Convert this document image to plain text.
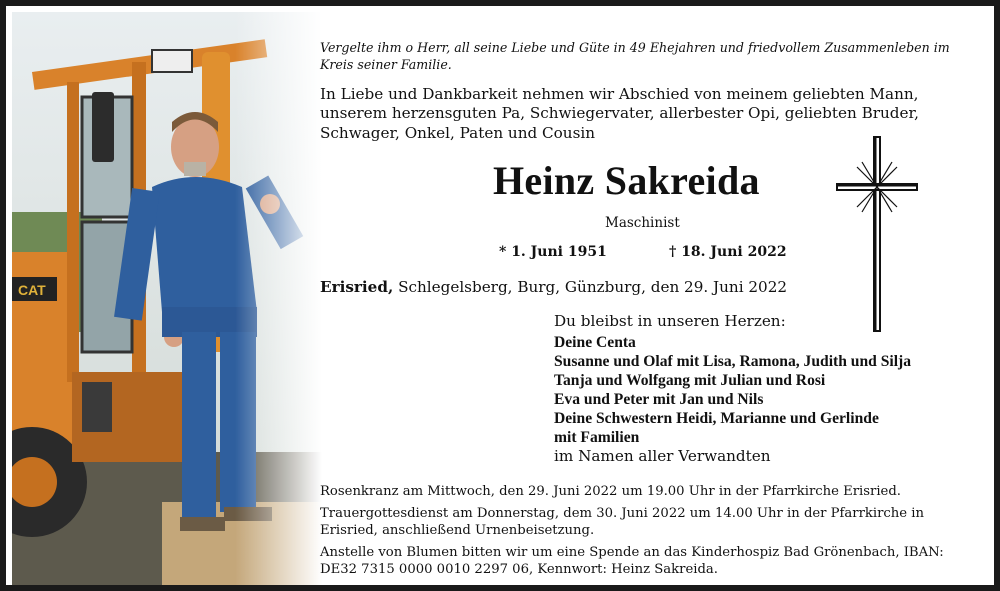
Vergelte ihm o Herr, all seine Liebe und Güte in 49 Ehejahren und friedvollem Zusammenleben im Kreis seiner Familie.
In Liebe und Dankbarkeit nehmen wir Abschied von meinem geliebten Mann, unserem herzensguten Pa, Schwiegervater, allerbester Opi, geliebten Bruder, Schwager, Onkel, Paten und Cousin
Heinz Sakreida
Maschinist
* 1. Juni 1951	† 18. Juni 2022
Erisried, Schlegelsberg, Burg, Günzburg, den 29. Juni 2022
Du bleibst in unseren Herzen:
Deine Centa
Susanne und Olaf mit Lisa, Ramona, Judith und Silja
Tanja und Wolfgang mit Julian und Rosi
Eva und Peter mit Jan und Nils
Deine Schwestern Heidi, Marianne und Gerlinde
mit Familien
im Namen aller Verwandten

Rosenkranz am Mittwoch, den 29. Juni 2022 um 19.00 Uhr in der Pfarrkirche Erisried.

Trauergottesdienst am Donnerstag, dem 30. Juni 2022 um 14.00 Uhr in der Pfarrkirche in Erisried, anschließend Urnenbeisetzung.

Anstelle von Blumen bitten wir um eine Spende an das Kinderhospiz Bad Grönenbach, IBAN: DE32 7315 0000 0010 2297 06, Kennwort: Heinz Sakreida.
